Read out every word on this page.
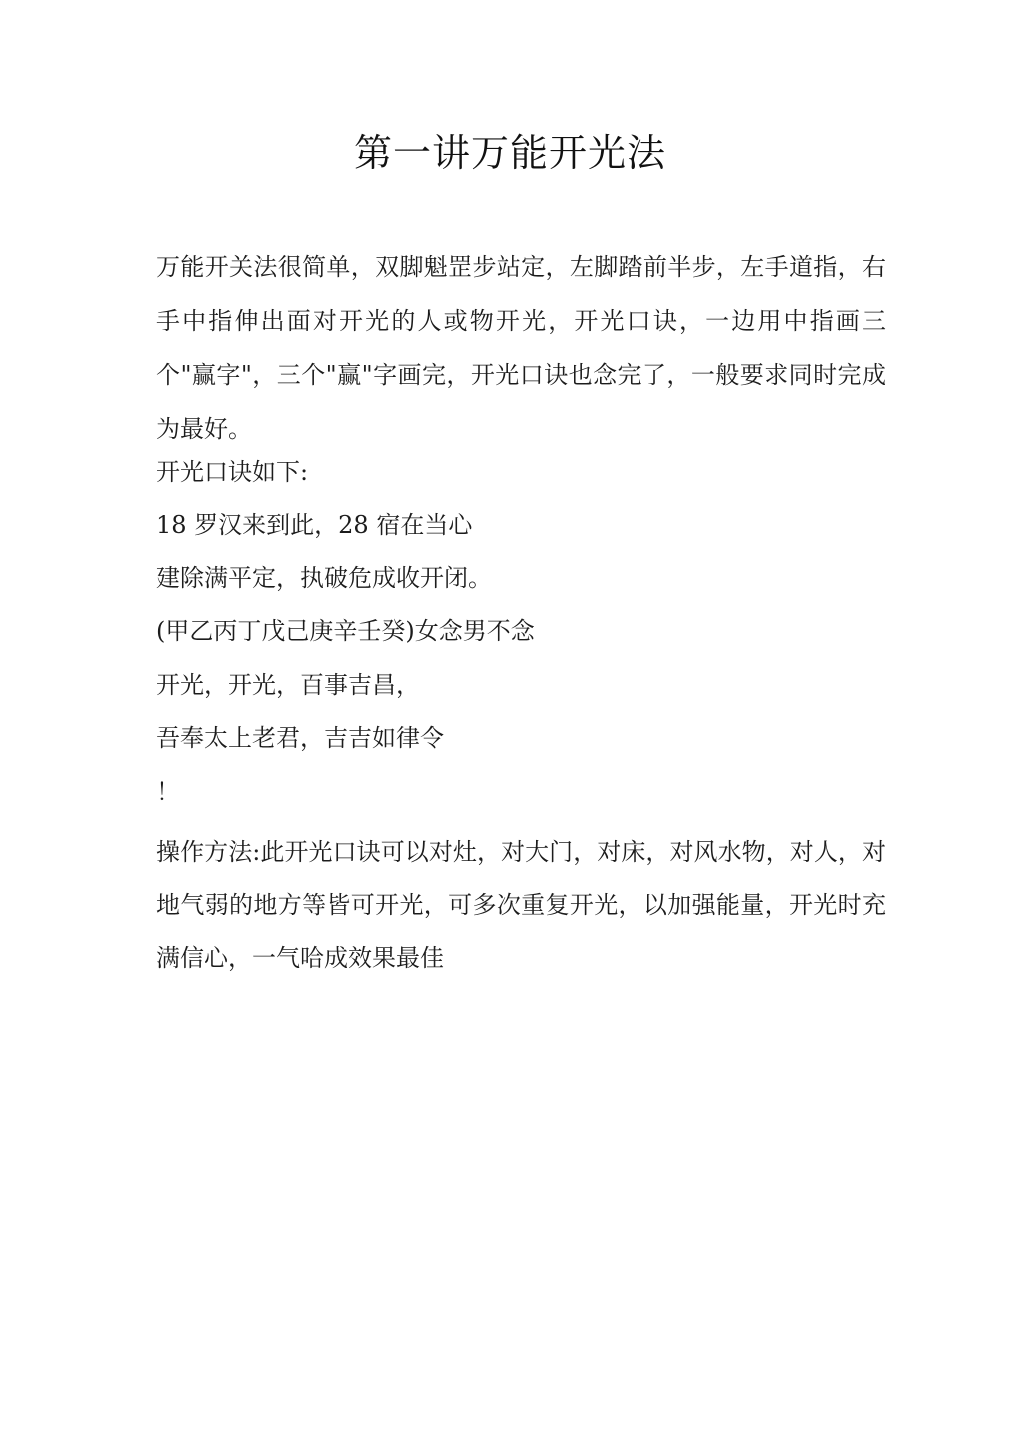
第一讲万能开光法
万能开关法很简单，双脚魁罡步站定，左脚踏前半步，左手道指，右手中指伸出面对开光的人或物开光，开光口诀，一边用中指画三个"赢字"，三个"赢"字画完，开光口诀也念完了，一般要求同时完成为最好。
开光口诀如下:
18 罗汉来到此，28 宿在当心
建除满平定，执破危成收开闭。
(甲乙丙丁戊己庚辛壬癸)女念男不念
开光，开光，百事吉昌，
吾奉太上老君，吉吉如律令
！
操作方法:此开光口诀可以对灶，对大门，对床，对风水物，对人，对地气弱的地方等皆可开光，可多次重复开光，以加强能量，开光时充满信心，一气哈成效果最佳
